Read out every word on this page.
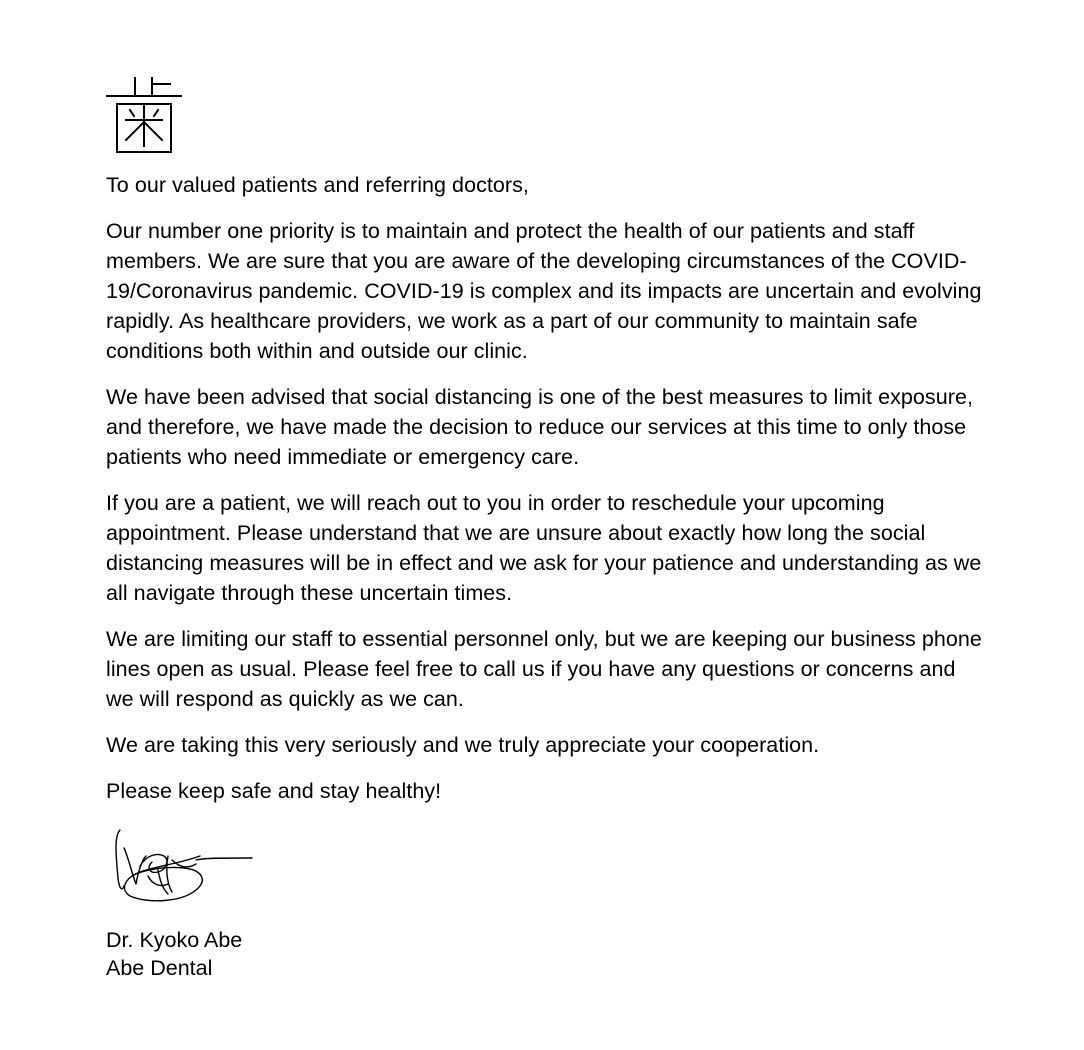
To our valued patients and referring doctors,

Our number one priority is to maintain and protect the health of our patients and staff members. We are sure that you are aware of the developing circumstances of the COVID-19/Coronavirus pandemic. COVID-19 is complex and its impacts are uncertain and evolving rapidly. As healthcare providers, we work as a part of our community to maintain safe conditions both within and outside our clinic.

We have been advised that social distancing is one of the best measures to limit exposure, and therefore, we have made the decision to reduce our services at this time to only those patients who need immediate or emergency care.

If you are a patient, we will reach out to you in order to reschedule your upcoming appointment. Please understand that we are unsure about exactly how long the social distancing measures will be in effect and we ask for your patience and understanding as we all navigate through these uncertain times.

We are limiting our staff to essential personnel only, but we are keeping our business phone lines open as usual. Please feel free to call us if you have any questions or concerns and we will respond as quickly as we can.

We are taking this very seriously and we truly appreciate your cooperation.

Please keep safe and stay healthy!

Dr. Kyoko Abe
Abe Dental
